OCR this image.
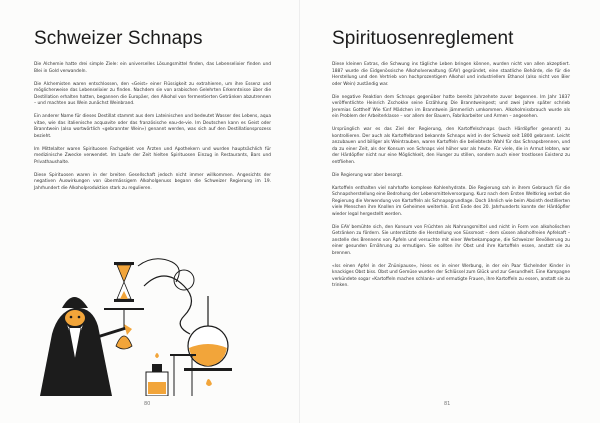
Schweizer Schnaps

Die Alchemie hatte drei simple Ziele: ein universelles Lösungsmittel finden, das Lebenselixier finden und Blei in Gold verwandeln.

Die Alchemisten waren entschlossen, den «Geist» einer Flüssigkeit zu extrahieren, um ihre Essenz und möglicherweise das Lebenselixier zu finden. Nachdem sie von arabischen Gelehrten Erkenntnisse über die Destillation erhalten hatten, begannen die Europäer, den Alkohol von fermentierten Getränken abzutrennen – und machten aus Wein zunächst Weinbrand.

Ein anderer Name für dieses Destillat stammt aus dem Lateinischen und bedeutet Wasser des Lebens, aqua vitae, wie das italienische acquavite oder das französische eau-de-vie. Im Deutschen kann es Geist oder Branntwein (also wortwörtlich «gebrannter Wein») genannt werden, was sich auf den Destillationsprozess bezieht.

Im Mittelalter waren Spirituosen Fachgebiet von Ärzten und Apothekern und wurden hauptsächlich für medizinische Zwecke verwendet. Im Laufe der Zeit hielten Spirituosen Einzug in Restaurants, Bars und Privathaushalte.

Diese Spirituosen waren in der breiten Gesellschaft jedoch nicht immer willkommen. Angesichts der negativen Auswirkungen von übermässigem Alkoholgenuss begann die Schweizer Regierung im 19. Jahrhundert die Alkoholproduktion stark zu regulieren.

80
Spirituosenreglement

Diese kleinen Extras, die Schwung ins tägliche Leben bringen können, wurden nicht von allen akzeptiert. 1887 wurde die Eidgenössische Alkoholverwaltung (EAV) gegründet, eine staatliche Behörde, die für die Herstellung und den Vertrieb von hochprozentigem Alkohol und industriellem Ethanol (also nicht von Bier oder Wein) zuständig war.

Die negative Reaktion dem Schnaps gegenüber hatte bereits Jahrzehnte zuvor begonnen. Im Jahr 1837 veröffentlichte Heinrich Zschokke seine Erzählung Die Branntweinpest; und zwei Jahre später schrieb Jeremias Gotthelf Wie fünf Mädchen im Branntwein jämmerlich umkommen. Alkoholmissbrauch wurde als ein Problem der Arbeiterklasse – vor allem der Bauern, Fabrikarbeiter und Armen – angesehen.

Ursprünglich war es das Ziel der Regierung, den Kartoffelschnaps (auch Härdöpfler genannt) zu kontrollieren. Der auch als Kartoffelbrand bekannte Schnaps wird in der Schweiz seit 1800 gebrannt. Leicht anzubauen und billiger als Weintrauben, waren Kartoffeln die beliebteste Wahl für das Schnapsbrennen, und da zu einer Zeit, als der Konsum von Schnaps viel höher war als heute. Für viele, die in Armut lebten, war der Härdöpfler nicht nur eine Möglichkeit, den Hunger zu stillen, sondern auch einer trostlosen Existenz zu entfliehen.

Die Regierung war aber besorgt.

Kartoffeln enthalten viel nahrhafte komplexe Kohlenhydrate. Die Regierung sah in ihrem Gebrauch für die Schnapsherstellung eine Bedrohung der Lebensmittelversorgung. Kurz nach dem Ersten Weltkrieg verbot die Regierung die Verwendung von Kartoffeln als Schnapsgrundlage. Doch ähnlich wie beim Absinth destillierten viele Menschen ihre Knollen im Geheimen weiterhin. Erst Ende des 20. Jahrhunderts konnte der Härdöpfler wieder legal hergestellt werden.

Die EAV bemühte sich, den Konsum von Früchten als Nahrungsmittel und nicht in Form von alkoholischen Getränken zu fördern. Sie unterstützte die Herstellung von Süssmost – dem süssen alkoholfreien Apfelsaft – anstelle des Brennens von Äpfeln und versuchte mit einer Werbekampagne, die Schweizer Bevölkerung zu einer gesunden Ernährung zu ermutigen. Sie sollten ihr Obst und ihre Kartoffeln essen, anstatt sie zu brennen.

«Iss einen Apfel in der Znünipause», hiess es in einer Werbung, in der ein Paar fächelnder Kinder in knackiges Obst biss. Obst und Gemüse wurden der Schlüssel zum Glück und zur Gesundheit. Eine Kampagne verkündete sogar «Kartoffeln machen schlank» und ermutigte Frauen, ihre Kartoffeln zu essen, anstatt sie zu trinken.

81
